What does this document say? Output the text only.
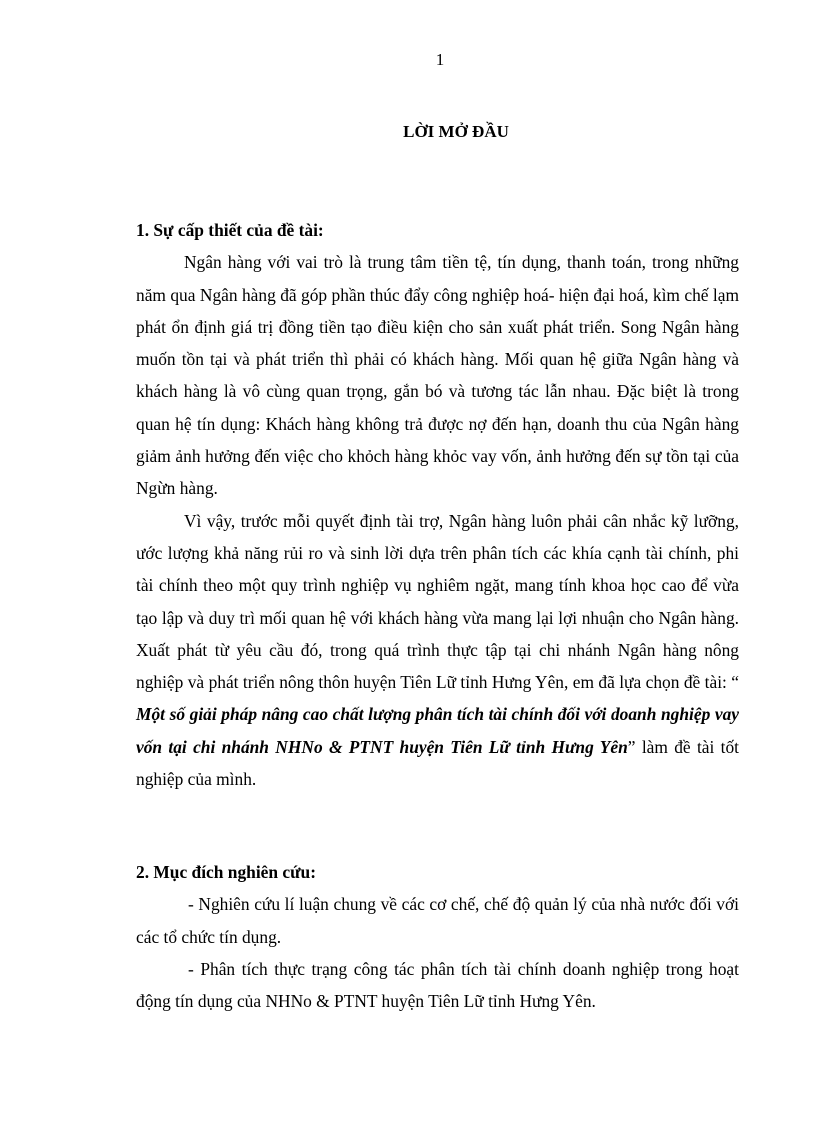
1
LỜI MỞ ĐẦU

1. Sự cấp thiết của đề tài:

Ngân hàng với vai trò là trung tâm tiền tệ, tín dụng, thanh toán, trong những năm qua Ngân hàng đã góp phần thúc đẩy công nghiệp hoá- hiện đại hoá, kìm chế lạm phát ổn định giá trị đồng tiền tạo điều kiện cho sản xuất phát triển. Song Ngân hàng muốn tồn tại và phát triển thì phải có khách hàng. Mối quan hệ giữa Ngân hàng và khách hàng là vô cùng quan trọng, gắn bó và tương tác lẫn nhau. Đặc biệt là trong quan hệ tín dụng: Khách hàng không trả được nợ đến hạn, doanh thu của Ngân hàng giảm ảnh hưởng đến việc cho khỏch hàng khỏc vay vốn, ảnh hưởng đến sự tồn tại của Ngừn hàng.

Vì vậy, trước mỗi quyết định tài trợ, Ngân hàng luôn phải cân nhắc kỹ lưỡng, ước lượng khả năng rủi ro và sinh lời dựa trên phân tích các khía cạnh tài chính, phi tài chính theo một quy trình nghiệp vụ nghiêm ngặt, mang tính khoa học cao để vừa tạo lập và duy trì mối quan hệ với khách hàng vừa mang lại lợi nhuận cho Ngân hàng. Xuất phát từ yêu cầu đó, trong quá trình thực tập tại chi nhánh Ngân hàng nông nghiệp và phát triển nông thôn huyện Tiên Lữ tỉnh Hưng Yên, em đã lựa chọn đề tài: “ Một số giải pháp nâng cao chất lượng phân tích tài chính đối với doanh nghiệp vay vốn tại chi nhánh NHNo & PTNT huyện Tiên Lữ tỉnh Hưng Yên” làm đề tài tốt nghiệp của mình.

2. Mục đích nghiên cứu:

- Nghiên cứu lí luận chung về các cơ chế, chế độ quản lý của nhà nước đối với các tổ chức tín dụng.

- Phân tích thực trạng công tác phân tích tài chính doanh nghiệp trong hoạt động tín dụng của NHNo & PTNT huyện Tiên Lữ tỉnh Hưng Yên.
